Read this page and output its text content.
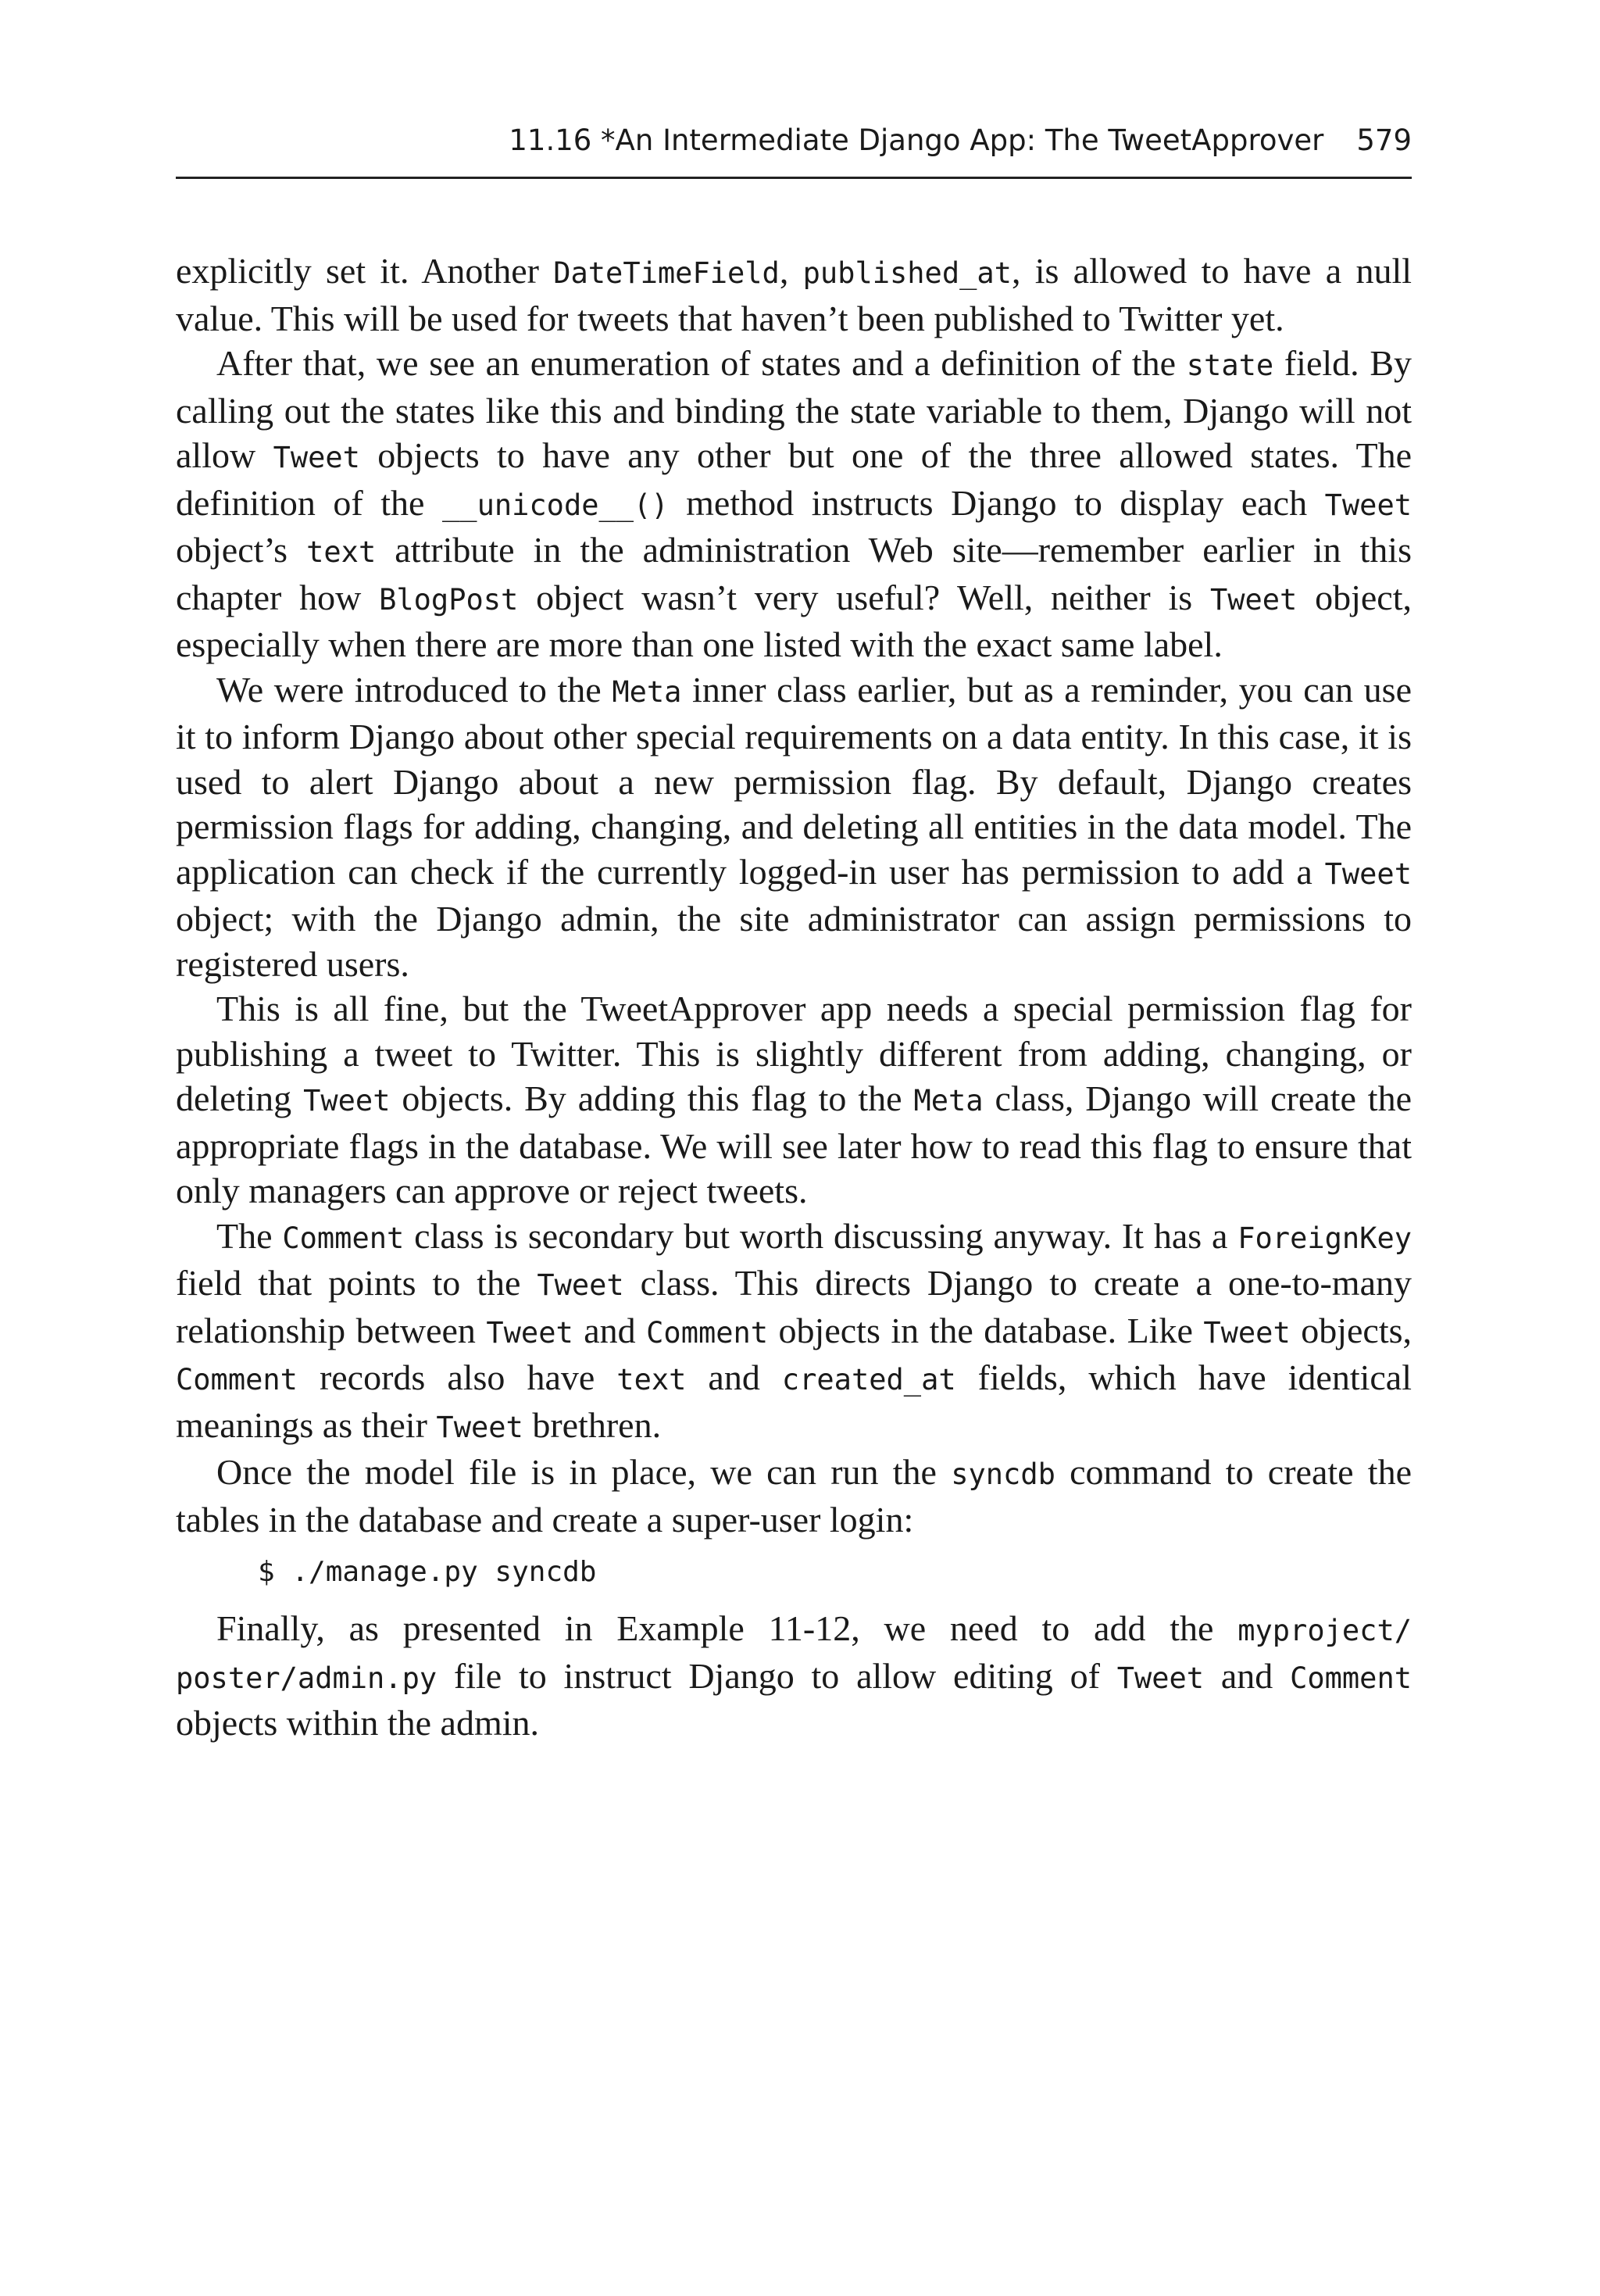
11.16 *An Intermediate Django App: The TweetApprover 579

explicitly set it. Another DateTimeField, published_at, is allowed to have a null value. This will be used for tweets that haven’t been published to Twitter yet.

After that, we see an enumeration of states and a definition of the state field. By calling out the states like this and binding the state variable to them, Django will not allow Tweet objects to have any other but one of the three allowed states. The definition of the __unicode__() method instructs Django to display each Tweet object’s text attribute in the administration Web site—remember earlier in this chapter how BlogPost object wasn’t very useful? Well, neither is Tweet object, especially when there are more than one listed with the exact same label.

We were introduced to the Meta inner class earlier, but as a reminder, you can use it to inform Django about other special requirements on a data entity. In this case, it is used to alert Django about a new permission flag. By default, Django creates permission flags for adding, changing, and deleting all entities in the data model. The application can check if the currently logged-in user has permission to add a Tweet object; with the Django admin, the site administrator can assign permissions to registered users.

This is all fine, but the TweetApprover app needs a special permission flag for publishing a tweet to Twitter. This is slightly different from adding, changing, or deleting Tweet objects. By adding this flag to the Meta class, Django will create the appropriate flags in the database. We will see later how to read this flag to ensure that only managers can approve or reject tweets.

The Comment class is secondary but worth discussing anyway. It has a ForeignKey field that points to the Tweet class. This directs Django to create a one-to-many relationship between Tweet and Comment objects in the database. Like Tweet objects, Comment records also have text and created_at fields, which have identical meanings as their Tweet brethren.

Once the model file is in place, we can run the syncdb command to create the tables in the database and create a super-user login:

$ ./manage.py syncdb

Finally, as presented in Example 11-12, we need to add the myproject/ poster/admin.py file to instruct Django to allow editing of Tweet and Comment objects within the admin.
